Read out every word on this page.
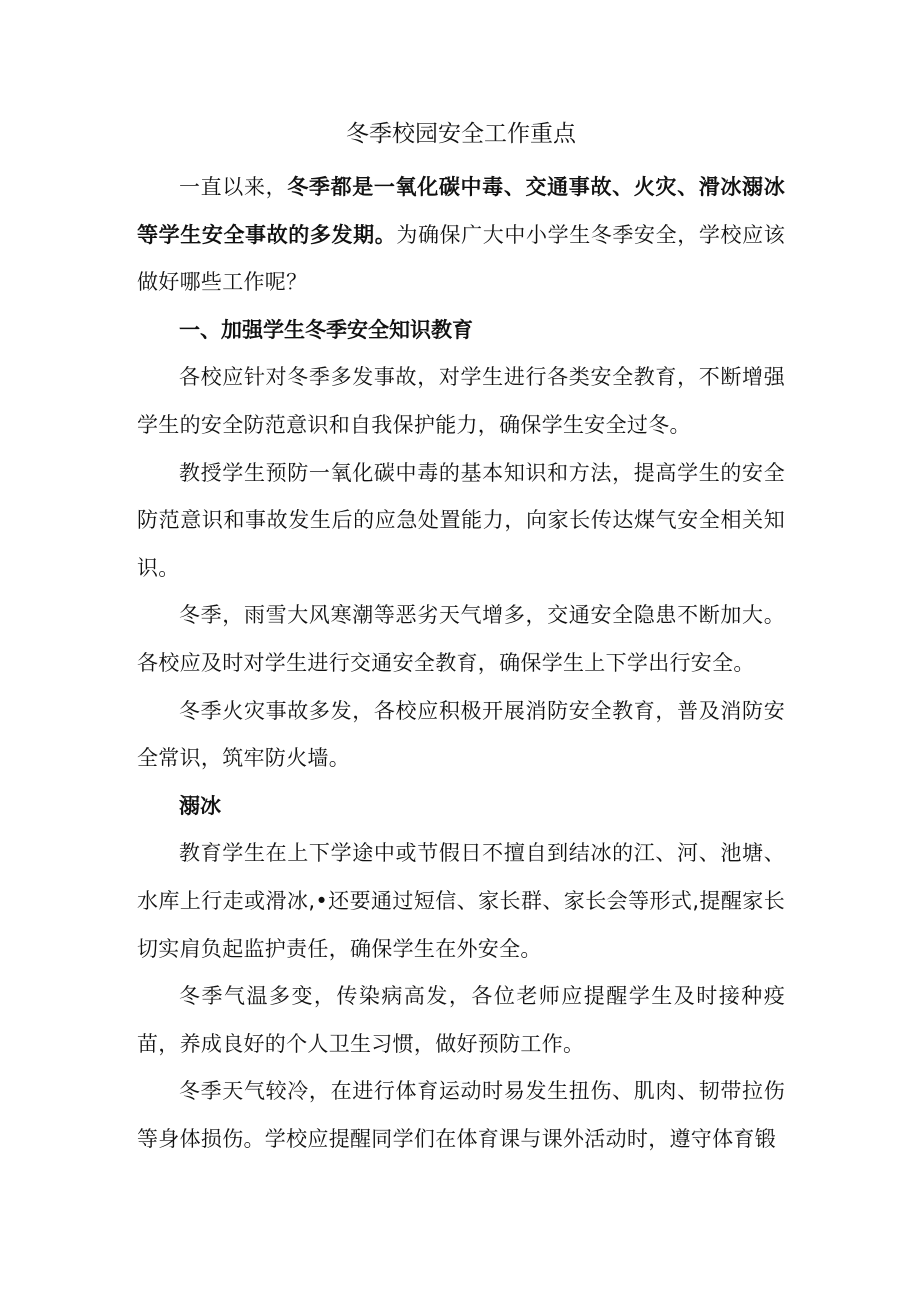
冬季校园安全工作重点

一直以来，冬季都是一氧化碳中毒、交通事故、火灾、滑冰溺冰等学生安全事故的多发期。为确保广大中小学生冬季安全，学校应该做好哪些工作呢？

一、加强学生冬季安全知识教育

各校应针对冬季多发事故，对学生进行各类安全教育，不断增强学生的安全防范意识和自我保护能力，确保学生安全过冬。

教授学生预防一氧化碳中毒的基本知识和方法，提高学生的安全防范意识和事故发生后的应急处置能力，向家长传达煤气安全相关知识。

冬季，雨雪大风寒潮等恶劣天气增多，交通安全隐患不断加大。各校应及时对学生进行交通安全教育，确保学生上下学出行安全。

冬季火灾事故多发，各校应积极开展消防安全教育，普及消防安全常识，筑牢防火墙。

溺冰

教育学生在上下学途中或节假日不擅自到结冰的江、河、池塘、水库上行走或滑冰,•还要通过短信、家长群、家长会等形式,提醒家长切实肩负起监护责任，确保学生在外安全。

冬季气温多变，传染病高发，各位老师应提醒学生及时接种疫苗，养成良好的个人卫生习惯，做好预防工作。

冬季天气较冷，在进行体育运动时易发生扭伤、肌肉、韧带拉伤等身体损伤。学校应提醒同学们在体育课与课外活动时，遵守体育锻
